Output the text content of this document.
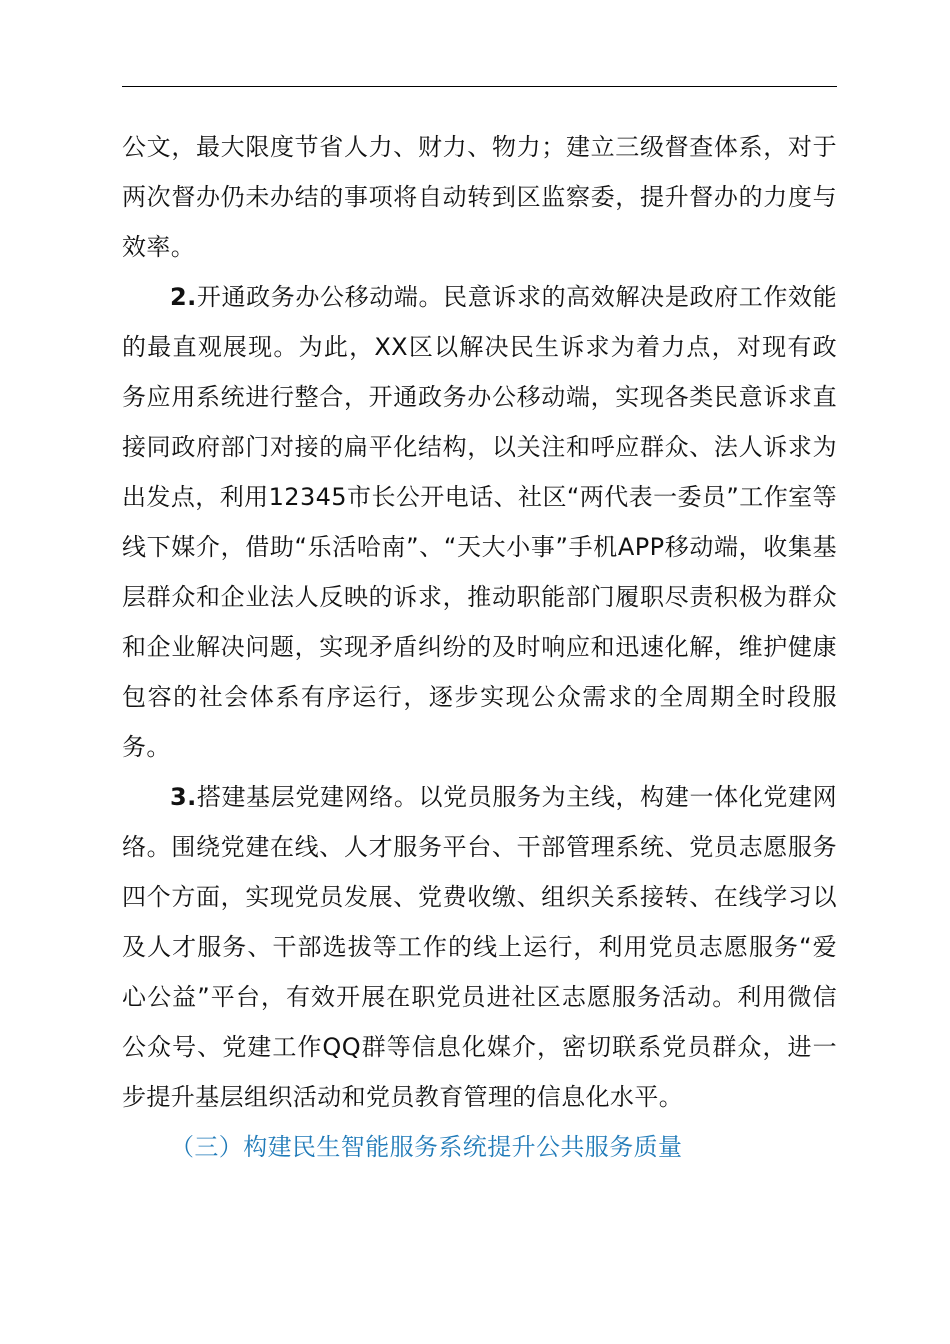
公文，最大限度节省人力、财力、物力；建立三级督查体系，对于两次督办仍未办结的事项将自动转到区监察委，提升督办的力度与效率。

2.开通政务办公移动端。民意诉求的高效解决是政府工作效能的最直观展现。为此，XX区以解决民生诉求为着力点，对现有政务应用系统进行整合，开通政务办公移动端，实现各类民意诉求直接同政府部门对接的扁平化结构，以关注和呼应群众、法人诉求为出发点，利用12345市长公开电话、社区“两代表一委员”工作室等线下媒介，借助“乐活哈南”、“天大小事”手机APP移动端，收集基层群众和企业法人反映的诉求，推动职能部门履职尽责积极为群众和企业解决问题，实现矛盾纠纷的及时响应和迅速化解，维护健康包容的社会体系有序运行，逐步实现公众需求的全周期全时段服务。

3.搭建基层党建网络。以党员服务为主线，构建一体化党建网络。围绕党建在线、人才服务平台、干部管理系统、党员志愿服务四个方面，实现党员发展、党费收缴、组织关系接转、在线学习以及人才服务、干部选拔等工作的线上运行，利用党员志愿服务“爱心公益”平台，有效开展在职党员进社区志愿服务活动。利用微信公众号、党建工作QQ群等信息化媒介，密切联系党员群众，进一步提升基层组织活动和党员教育管理的信息化水平。

（三）构建民生智能服务系统提升公共服务质量
